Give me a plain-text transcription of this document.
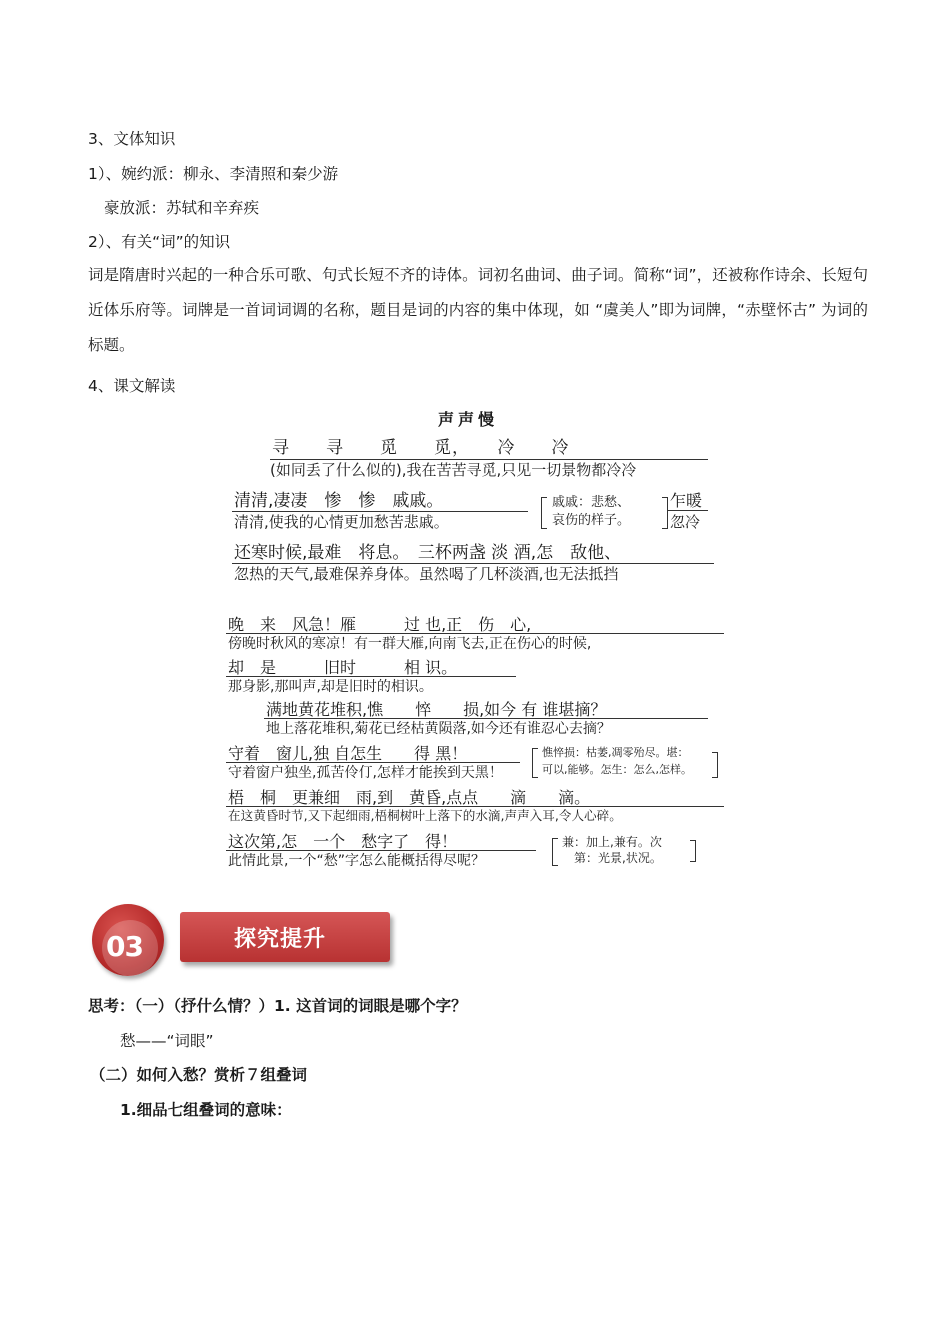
3、文体知识
1）、婉约派：柳永、李清照和秦少游
豪放派：苏轼和辛弃疾
2）、有关“词”的知识
词是隋唐时兴起的一种合乐可歌、句式长短不齐的诗体。词初名曲词、曲子词。简称“词”，还被称作诗余、长短句近体乐府等。词牌是一首词词调的名称，题目是词的内容的集中体现，如 “虞美人”即为词牌，“赤壁怀古” 为词的标题。
4、课文解读
声声慢
寻　　寻　　觅　　觅，　　冷　　冷
(如同丢了什么似的),我在苦苦寻觅,只见一切景物都冷冷
清清,凄凄　惨　惨　戚戚。
清清,使我的心情更加愁苦悲戚。
戚戚：悲愁、
哀伤的样子。
乍暖
忽冷
还寒时候,最难　将息。　三杯两盏 淡 酒,怎　敌他、
忽热的天气,最难保养身体。虽然喝了几杯淡酒,也无法抵挡
晚　来　风急！雁　　　过 也,正　伤　心,
傍晚时秋风的寒凉！有一群大雁,向南飞去,正在伤心的时候,
却　是　　　旧时　　　相 识。
那身影,那叫声,却是旧时的相识。
满地黄花堆积,憔　　悴　　损,如今 有 谁堪摘？
地上落花堆积,菊花已经枯黄陨落,如今还有谁忍心去摘？
守着　窗儿,独 自怎生　　得 黑！
守着窗户独坐,孤苦伶仃,怎样才能挨到天黑！
憔悴损：枯萎,凋零殆尽。堪：
可以,能够。怎生：怎么,怎样。
梧　桐　更兼细　雨,到　黄昏,点点　　滴　　滴。
在这黄昏时节,又下起细雨,梧桐树叶上落下的水滴,声声入耳,令人心碎。
这次第,怎　一个　愁字了　得！
此情此景,一个“愁”字怎么能概括得尽呢？
兼：加上,兼有。次
第：光景,状况。
03	探究提升
思考：（一）（抒什么情？）1. 这首词的词眼是哪个字？
愁——“词眼”
（二）如何入愁？赏析７组叠词
1.细品七组叠词的意味：
